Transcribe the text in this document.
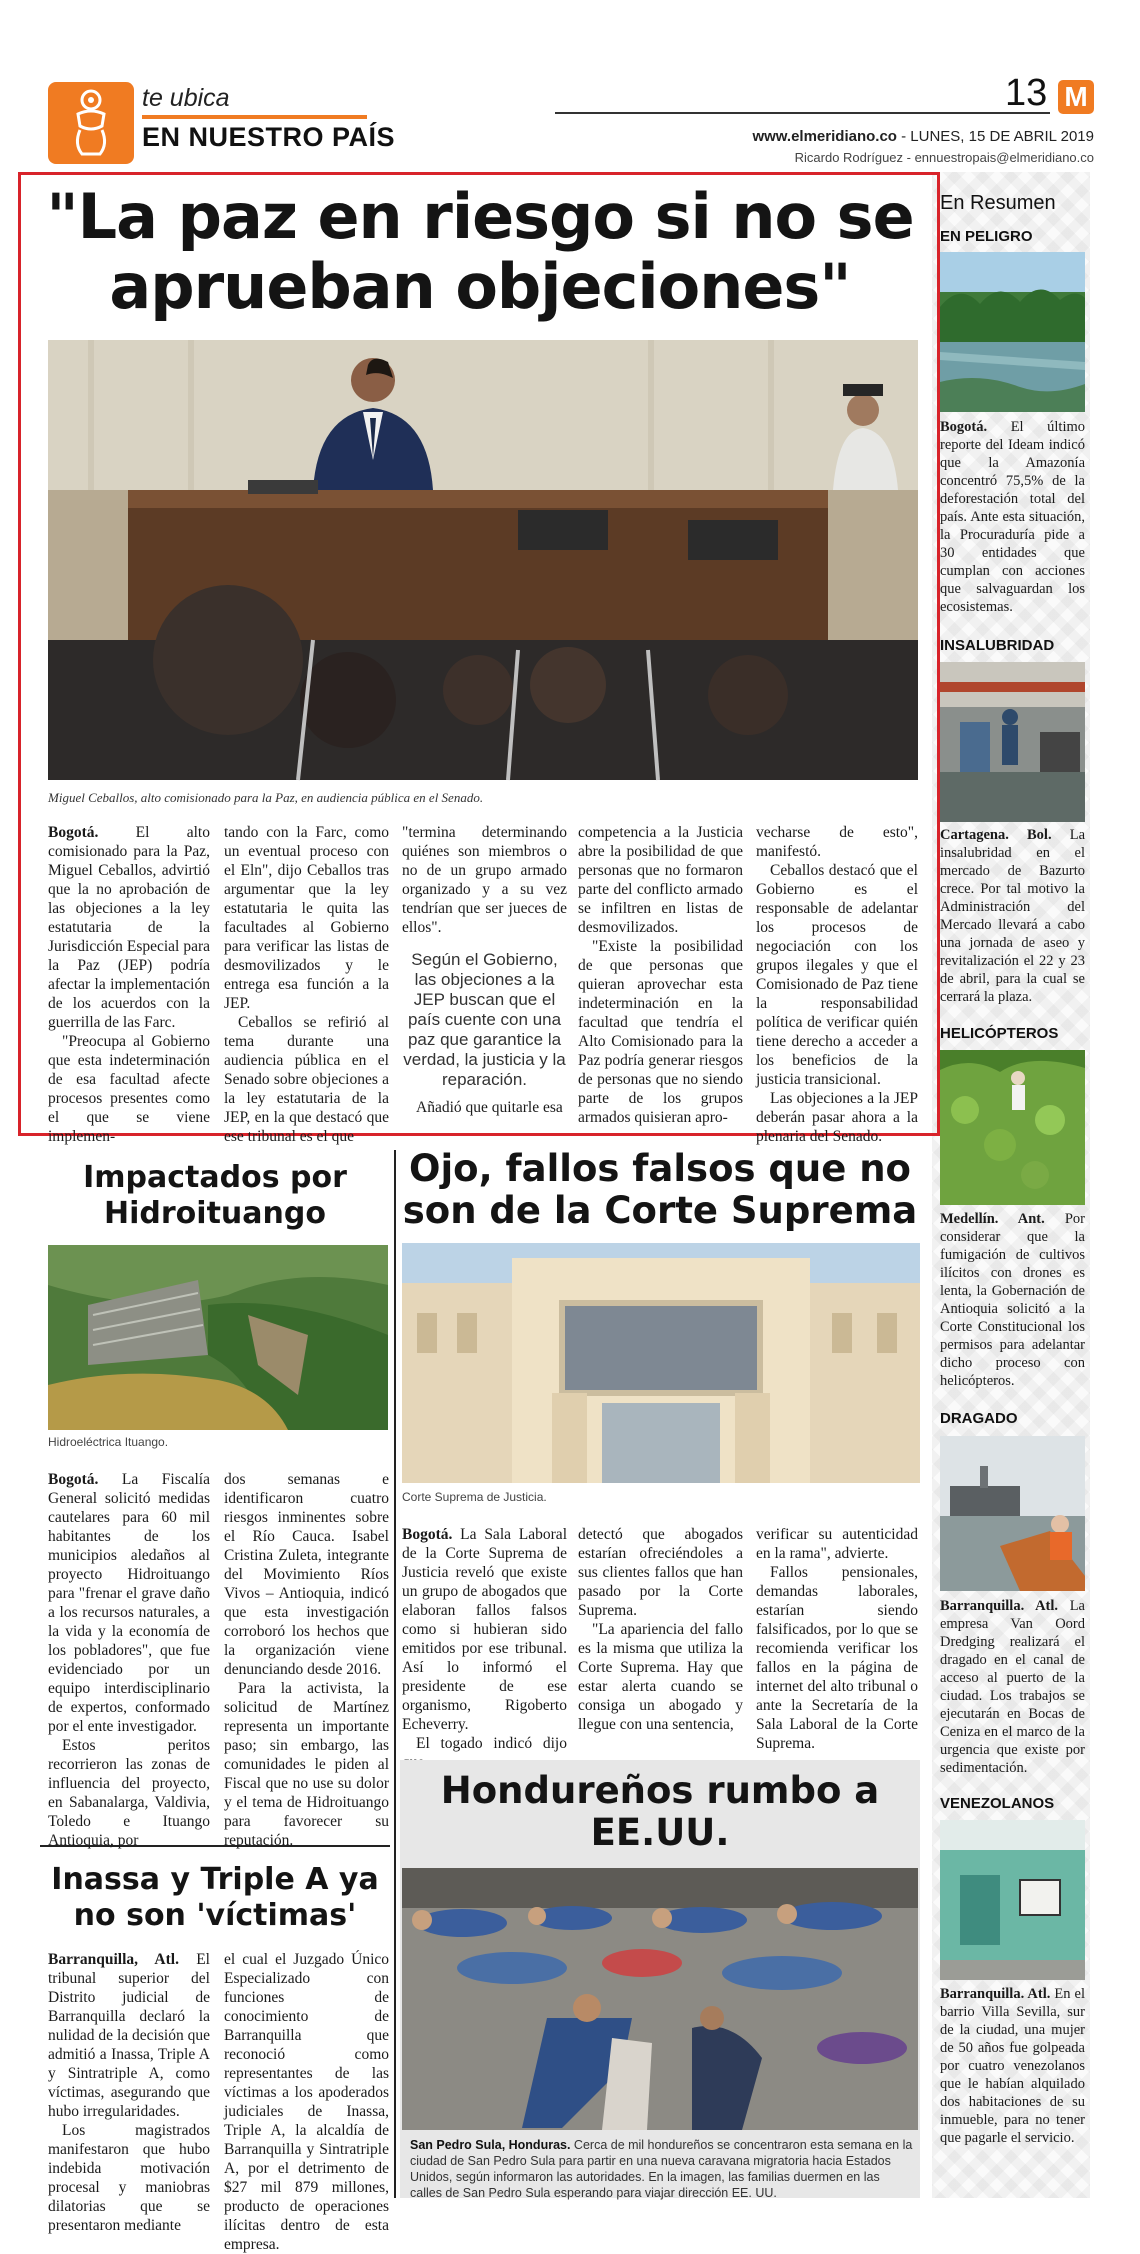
te ubica
EN NUESTRO PAÍS
13 M
www.elmeridiano.co - LUNES, 15 DE ABRIL 2019
Ricardo Rodríguez - ennuestropais@elmeridiano.co
En Resumen
EN PELIGRO
Bogotá. El último reporte del Ideam indicó que la Amazonía concentró 75,5% de la deforestación total del país. Ante esta situación, la Procuraduría pide a 30 entidades que cumplan con acciones que salvaguardan los ecosistemas.
INSALUBRIDAD
Cartagena. Bol. La insalubridad en el mercado de Bazurto crece. Por tal motivo la Administración del Mercado llevará a cabo una jornada de aseo y revitalización el 22 y 23 de abril, para la cual se cerrará la plaza.
HELICÓPTEROS
Medellín. Ant. Por considerar que la fumigación de cultivos ilícitos con drones es lenta, la Gobernación de Antioquia solicitó a la Corte Constitucional los permisos para adelantar dicho proceso con helicópteros.
DRAGADO
Barranquilla. Atl. La empresa Van Oord Dredging realizará el dragado en el canal de acceso al puerto de la ciudad. Los trabajos se ejecutarán en Bocas de Ceniza en el marco de la urgencia que existe por sedimentación.
VENEZOLANOS
Barranquilla. Atl. En el barrio Villa Sevilla, sur de la ciudad, una mujer de 50 años fue golpeada por cuatro venezolanos que le habían alquilado dos habitaciones de su inmueble, para no tener que pagarle el servicio.
"La paz en riesgo si no se aprueban objeciones"
Miguel Ceballos, alto comisionado para la Paz, en audiencia pública en el Senado.

Bogotá. El alto comisionado para la Paz, Miguel Ceballos, advirtió que la no aprobación de las objeciones a la ley estatutaria de la Jurisdicción Especial para la Paz (JEP) podría afectar la implementación de los acuerdos con la guerrilla de las Farc.

"Preocupa al Gobierno que esta indeterminación de esa facultad afecte procesos presentes como el que se viene implemen-

tando con la Farc, como un eventual proceso con el Eln", dijo Ceballos tras argumentar que la ley estatutaria le quita las facultades al Gobierno para verificar las listas de desmovilizados y le entrega esa función a la JEP.

Ceballos se refirió al tema durante una audiencia pública en el Senado sobre objeciones a la ley estatutaria de la JEP, en la que destacó que ese tribunal es el que

"termina determinando quiénes son miembros o no de un grupo armado organizado y a su vez tendrían que ser jueces de ellos".

Según el Gobierno, las objeciones a la JEP buscan que el país cuente con una paz que garantice la verdad, la justicia y la reparación.

Añadió que quitarle esa

competencia a la Justicia abre la posibilidad de que personas que no formaron parte del conflicto armado se infiltren en listas de desmovilizados.

"Existe la posibilidad de que personas que quieran aprovechar esta indeterminación en la facultad que tendría el Alto Comisionado para la Paz podría generar riesgos de personas que no siendo parte de los grupos armados quisieran apro-

vecharse de esto", manifestó.

Ceballos destacó que el Gobierno es el responsable de adelantar los procesos de negociación con los grupos ilegales y que el Comisionado de Paz tiene la responsabilidad política de verificar quién tiene derecho a acceder a los beneficios de la justicia transicional.

Las objeciones a la JEP deberán pasar ahora a la plenaria del Senado.

Impactados por Hidroituango
Hidroeléctrica Ituango.

Bogotá. La Fiscalía General solicitó medidas cautelares para 60 mil habitantes de los municipios aledaños al proyecto Hidroituango para "frenar el grave daño a los recursos naturales, a la vida y la economía de los pobladores", que fue evidenciado por un equipo interdisciplinario de expertos, conformado por el ente investigador.

Estos peritos recorrieron las zonas de influencia del proyecto, en Sabanalarga, Valdivia, Toledo e Ituango Antioquia, por

dos semanas e identificaron cuatro riesgos inminentes sobre el Río Cauca. Isabel Cristina Zuleta, integrante del Movimiento Ríos Vivos – Antioquia, indicó que esta investigación corroboró los hechos que la organización viene denunciando desde 2016.

Para la activista, la solicitud de Martínez representa un importante paso; sin embargo, las comunidades le piden al Fiscal que no use su dolor y el tema de Hidroituango para favorecer su reputación.

Inassa y Triple A ya no son 'víctimas'

Barranquilla, Atl. El tribunal superior del Distrito judicial de Barranquilla declaró la nulidad de la decisión que admitió a Inassa, Triple A y Sintratriple A, como víctimas, asegurando que hubo irregularidades.

Los magistrados manifestaron que hubo indebida motivación procesal y maniobras dilatorias que se presentaron mediante

el cual el Juzgado Único Especializado con funciones de conocimiento de Barranquilla que reconoció como representantes de las víctimas a los apoderados judiciales de Inassa, Triple A, la alcaldía de Barranquilla y Sintratriple A, por el detrimento de $27 mil 879 millones, producto de operaciones ilícitas dentro de esta empresa.

Ojo, fallos falsos que no son de la Corte Suprema
Corte Suprema de Justicia.

Bogotá. La Sala Laboral de la Corte Suprema de Justicia reveló que existe un grupo de abogados que elaboran fallos falsos como si hubieran sido emitidos por ese tribunal. Así lo informó el presidente de ese organismo, Rigoberto Echeverry.

El togado indicó dijo

detectó que abogados estarían ofreciéndoles a sus clientes fallos que han pasado por la Corte Suprema.

"La apariencia del fallo es la misma que utiliza la Corte Suprema. Hay que estar alerta cuando se consiga un abogado y llegue con una sentencia,

verificar su autenticidad en la rama", advierte.

Fallos pensionales, demandas laborales, estarían siendo falsificados, por lo que se recomienda verificar los fallos en la página de internet del alto tribunal o ante la Secretaría de la Sala Laboral de la Corte Suprema.

Hondureños rumbo a EE.UU.
San Pedro Sula, Honduras. Cerca de mil hondureños se concentraron esta semana en la ciudad de San Pedro Sula para partir en una nueva caravana migratoria hacia Estados Unidos, según informaron las autoridades. En la imagen, las familias duermen en las calles de San Pedro Sula esperando para viajar dirección EE. UU.
